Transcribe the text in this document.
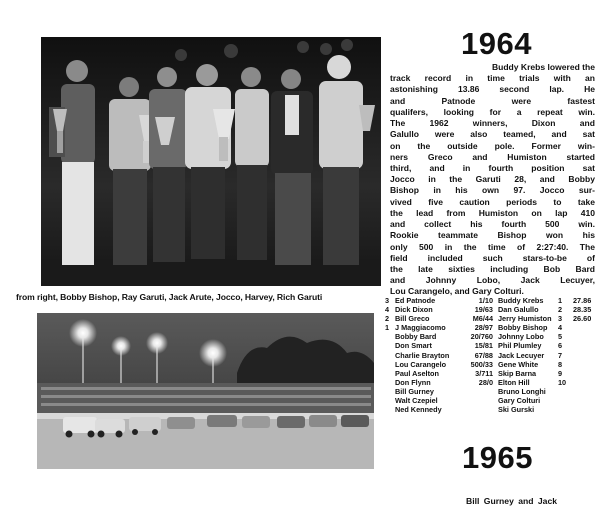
from right, Bobby Bishop, Ray Garuti, Jack Arute, Jocco, Harvey, Rich Garuti
1964
Buddy Krebs lowered the
track record in time trials with an
astonishing 13.86 second lap. He
and Patnode were fastest
qualifers, looking for a repeat win.
The 1962 winners, Dixon and
Galullo were also teamed, and sat
on the outside pole. Former win-
ners Greco and Humiston started
third, and in fourth position sat
Jocco in the Garuti 28, and Bobby
Bishop in his own 97. Jocco sur-
vived five caution periods to take
the lead from Humiston on lap 410
and collect his fourth 500 win.
Rookie teammate Bishop won his
only 500 in the time of 2:27:40. The
field included such stars-to-be of
the late sixties including Bob Bard
and Johnny Lobo, Jack Lecuyer,
Lou Carangelo, and Gary Colturi.
3 Ed Patnode	1/10 Buddy Krebs 1 27.86
4 Dick Dixon	19/63 Dan Galullo	2 28.35
2 Bill Greco	M6/44 Jerry Humiston 3 26.60
1 J Maggiacomo	28/97 Bobby Bishop 4
Bobby Bard	20/760 Johnny Lobo 5
Don Smart	15/81 Phil Plumley 6
Charlie Brayton	67/88 Jack Lecuyer 7
Lou Carangelo	500/33 Gene White	8
Paul Aselton	3/711 Skip Barna	9
Don Flynn	28/0 Elton Hill	10
Bill Gurney	Bruno Longhi
Walt Czepiel	Gary Colturi
Ned Kennedy	Ski Gurski
1965
Bill Gurney and Jack
